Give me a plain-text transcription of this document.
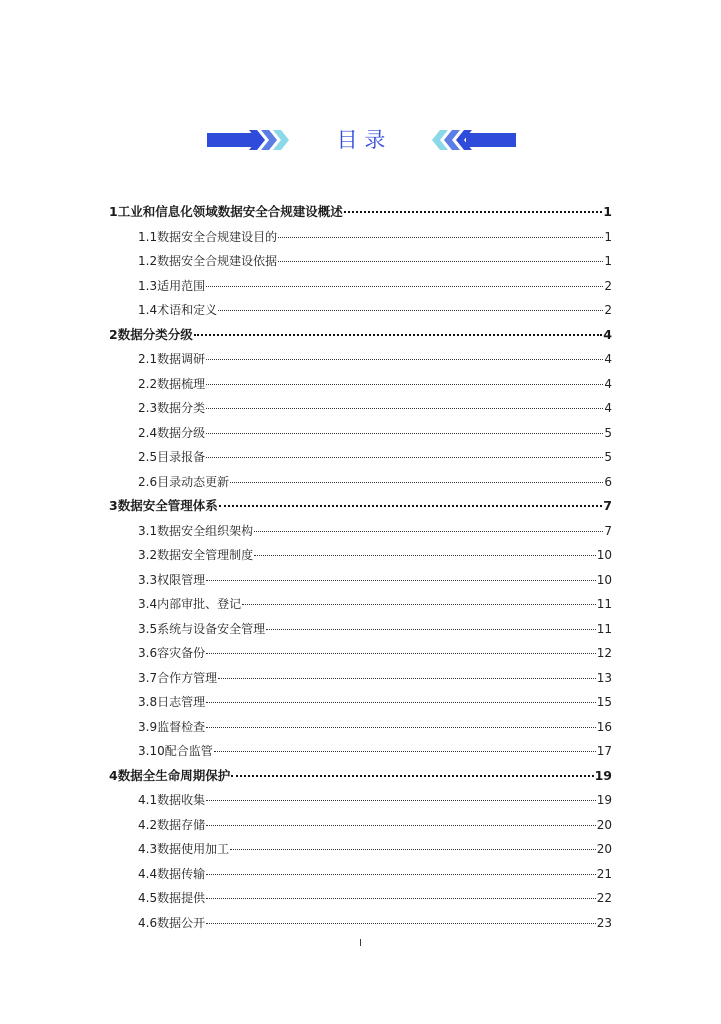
目 录
1 工业和信息化领域数据安全合规建设概述	1
1.1 数据安全合规建设目的	1
1.2 数据安全合规建设依据	1
1.3 适用范围	2
1.4 术语和定义	2
2 数据分类分级	4
2.1 数据调研	4
2.2 数据梳理	4
2.3 数据分类	4
2.4 数据分级	5
2.5 目录报备	5
2.6 目录动态更新	6
3 数据安全管理体系	7
3.1 数据安全组织架构	7
3.2 数据安全管理制度	10
3.3 权限管理	10
3.4 内部审批、登记	11
3.5 系统与设备安全管理	11
3.6 容灾备份	12
3.7 合作方管理	13
3.8 日志管理	15
3.9 监督检查	16
3.10 配合监管	17
4 数据全生命周期保护	19
4.1 数据收集	19
4.2 数据存储	20
4.3 数据使用加工	20
4.4 数据传输	21
4.5 数据提供	22
4.6 数据公开	23
I
